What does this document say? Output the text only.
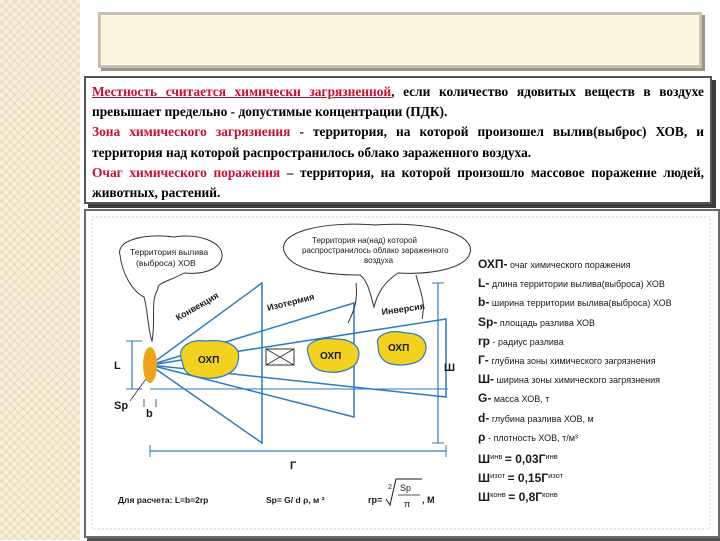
Местность считается химически загрязненной, если количество ядовитых веществ в воздухе превышает предельно - допустимые концентрации (ПДК).
Зона химического загрязнения - территория, на которой произошел вылив(выброс) ХОВ, и территория над которой распространилось облако зараженного воздуха.
Очаг химического поражения – территория, на которой произошло массовое поражение людей, животных, растений.
ОХП	ОХП
ОХП
Конвекция	Изотермия	Инверсия
Территория вылива (выброса) ХОВ
Территория на(над) которой распространилось облако зараженного воздуха
L
Sp
b
Г
Ш
Для расчета: L=b=2rр	Sp= G/ d ρ, м ²	rр=
2 Sp
π , М
ОХП- очаг химического поражения
L- длина территории вылива(выброса) ХОВ
b- ширина территории вылива(выброса) ХОВ
Sp- площадь разлива ХОВ
rр - радиус разлива
Г- глубина зоны химического загрязнения
Ш- ширина зоны химического загрязнения
G- масса ХОВ, т
d- глубина разлива ХОВ, м
ρ - плотность ХОВ, т/м³
$Ш^{инв} = 0,03Г^{инв}$
$Ш^{изот} = 0,15Г^{изот}$
$Ш^{конв} = 0,8Г^{конв}$
